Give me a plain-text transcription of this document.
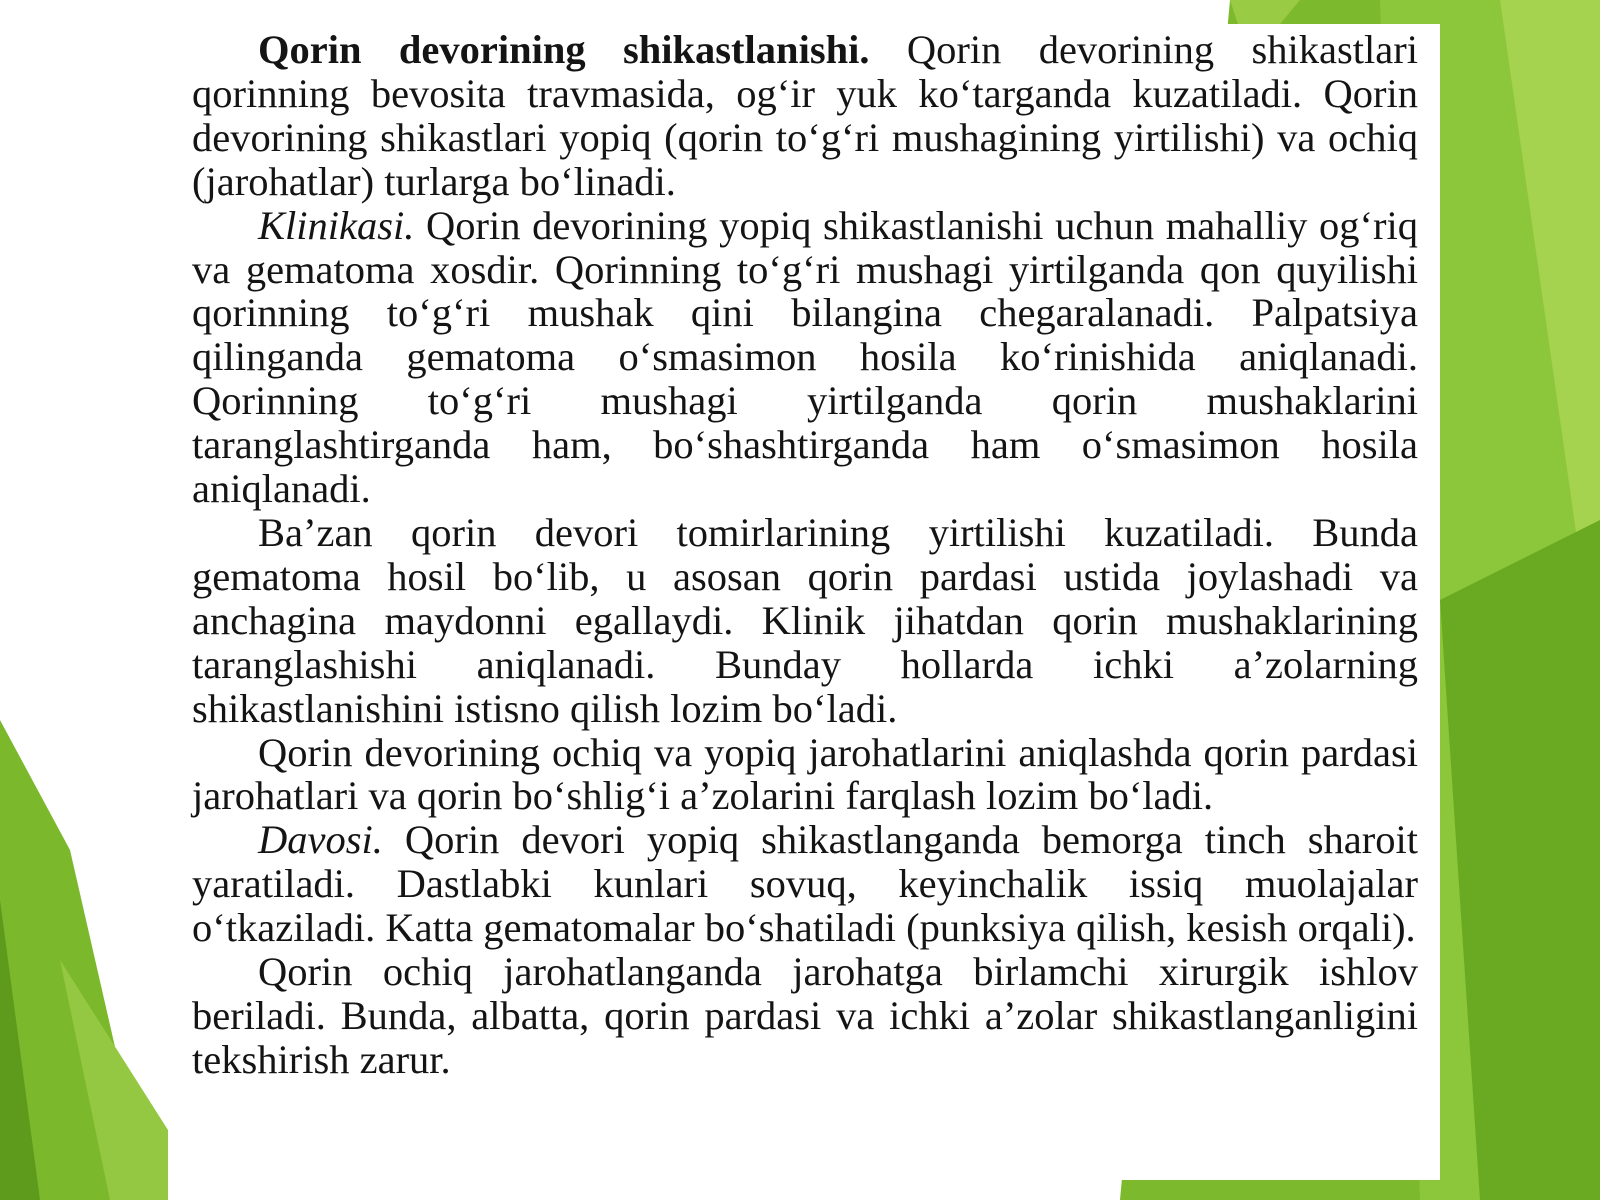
Qorin devorining shikastlanishi. Qorin devorining shikastlari qorinning bevosita travmasida, og‘ir yuk ko‘targanda kuzatiladi. Qorin devorining shikastlari yopiq (qorin to‘g‘ri mushagining yirtilishi) va ochiq (jarohatlar) turlarga bo‘linadi.

Klinikasi. Qorin devorining yopiq shikastlanishi uchun mahalliy og‘riq va gematoma xosdir. Qorinning to‘g‘ri mushagi yirtilganda qon quyilishi qorinning to‘g‘ri mushak qini bilangina chegaralanadi. Palpatsiya qilinganda gematoma o‘smasimon hosila ko‘rinishida aniqlanadi. Qorinning to‘g‘ri mushagi yirtilganda qorin mushaklarini taranglashtirganda ham, bo‘shashtirganda ham o‘smasimon hosila aniqlanadi.

Ba’zan qorin devori tomirlarining yirtilishi kuzatiladi. Bunda gematoma hosil bo‘lib, u asosan qorin pardasi ustida joylashadi va anchagina maydonni egallaydi. Klinik jihatdan qorin mushaklarining taranglashishi aniqlanadi. Bunday hollarda ichki a’zolarning shikastlanishini istisno qilish lozim bo‘ladi.

Qorin devorining ochiq va yopiq jarohatlarini aniqlashda qorin pardasi jarohatlari va qorin bo‘shlig‘i a’zolarini farqlash lozim bo‘ladi.

Davosi. Qorin devori yopiq shikastlanganda bemorga tinch sharoit yaratiladi. Dastlabki kunlari sovuq, keyinchalik issiq muolajalar o‘tkaziladi. Katta gematomalar bo‘shatiladi (punksiya qilish, kesish orqali).

Qorin ochiq jarohatlanganda jarohatga birlamchi xirurgik ishlov beriladi. Bunda, albatta, qorin pardasi va ichki a’zolar shikastlanganligini tekshirish zarur.
